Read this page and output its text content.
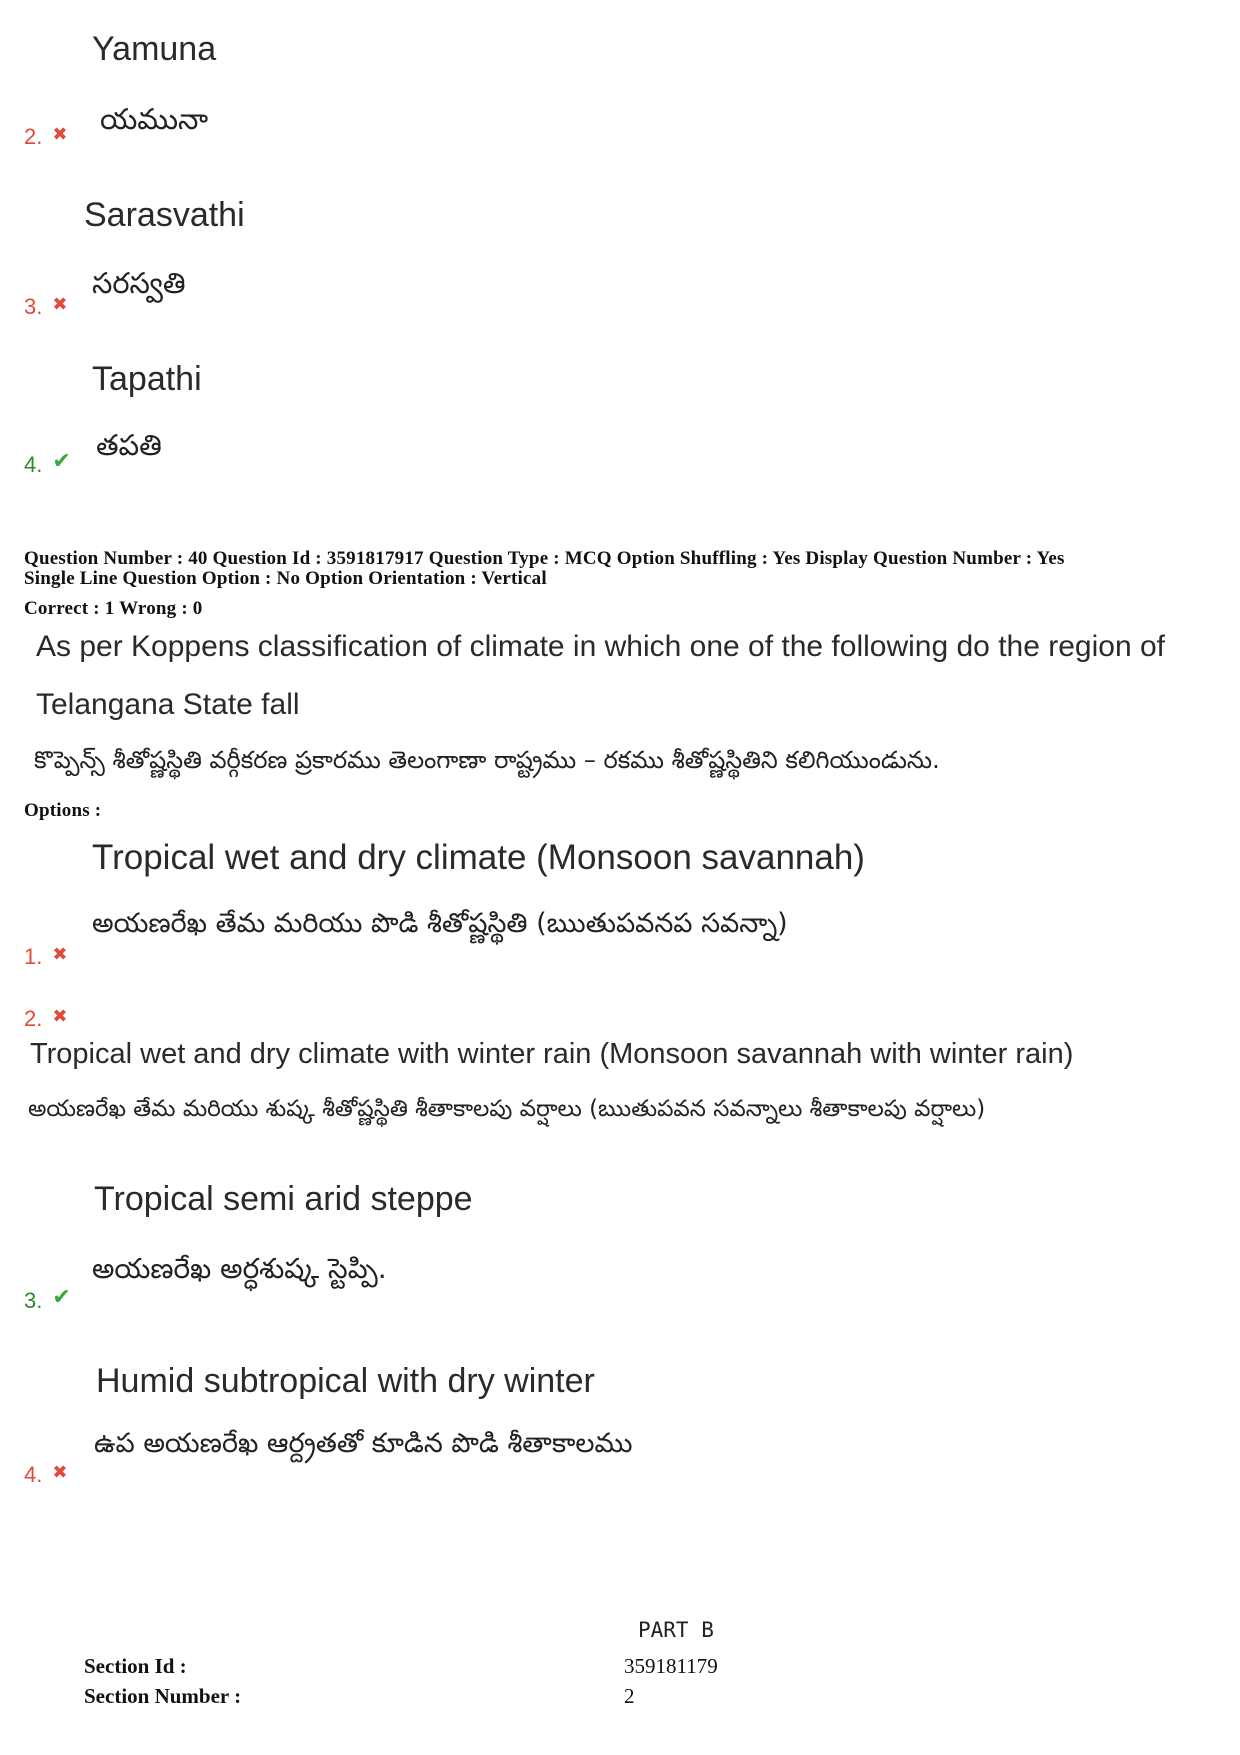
Yamuna
యమునా
2. ✖
Sarasvathi
సరస్వతి
3. ✖
Tapathi
తపతి
4. ✔
Question Number : 40 Question Id : 3591817917 Question Type : MCQ Option Shuffling : Yes Display Question Number : Yes
Single Line Question Option : No Option Orientation : Vertical
Correct : 1 Wrong : 0
As per Koppens classification of climate in which one of the following do the region of
Telangana State fall
కొప్పెన్స్ శీతోష్ణస్థితి వర్గీకరణ ప్రకారము తెలంగాణా రాష్ట్రము – రకము శీతోష్ణస్థితిని కలిగియుండును.
Options :
Tropical wet and dry climate (Monsoon savannah)
అయణరేఖ తేమ మరియు పొడి శీతోష్ణస్థితి (ఋతుపవనప సవన్నా)
1. ✖
2. ✖
Tropical wet and dry climate with winter rain (Monsoon savannah with winter rain)
అయణరేఖ తేమ మరియు శుష్క శీతోష్ణస్థితి శీతాకాలపు వర్షాలు (ఋతుపవన సవన్నాలు శీతాకాలపు వర్షాలు)
Tropical semi arid steppe
అయణరేఖ అర్ధశుష్క స్టెప్పి.
3. ✔
Humid subtropical with dry winter
ఉప అయణరేఖ ఆర్ద్రతతో కూడిన పొడి శీతాకాలము
4. ✖
PART B
Section Id :	359181179
Section Number :	2
